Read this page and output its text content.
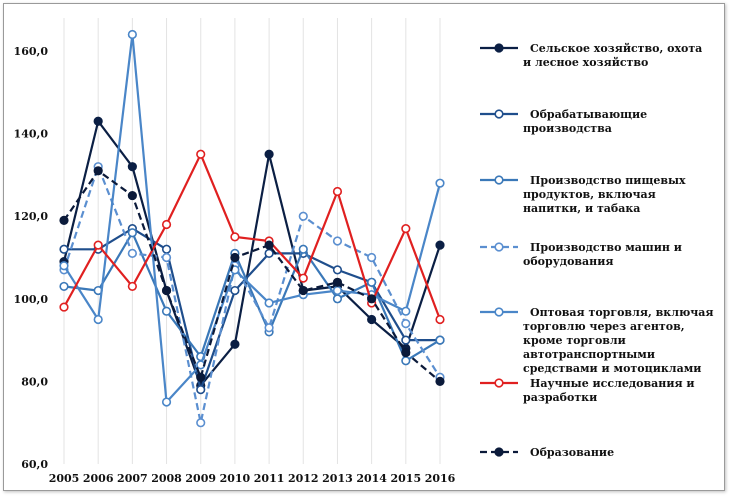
60,0
80,0
100,0
120,0
140,0
160,0
2005 2006 2007 2008 2009 2010 2011 2012 2013 2014 2015 2016
Сельское хозяйство, охота
и лесное хозяйство
Обрабатывающие
производства
Производство пищевых
продуктов, включая
напитки, и табака
Производство машин и
оборудования
Оптовая торговля, включая
торговлю через агентов,
кроме торговли
автотранспортными
средствами и мотоциклами
Научные исследования и
разработки
Образование
